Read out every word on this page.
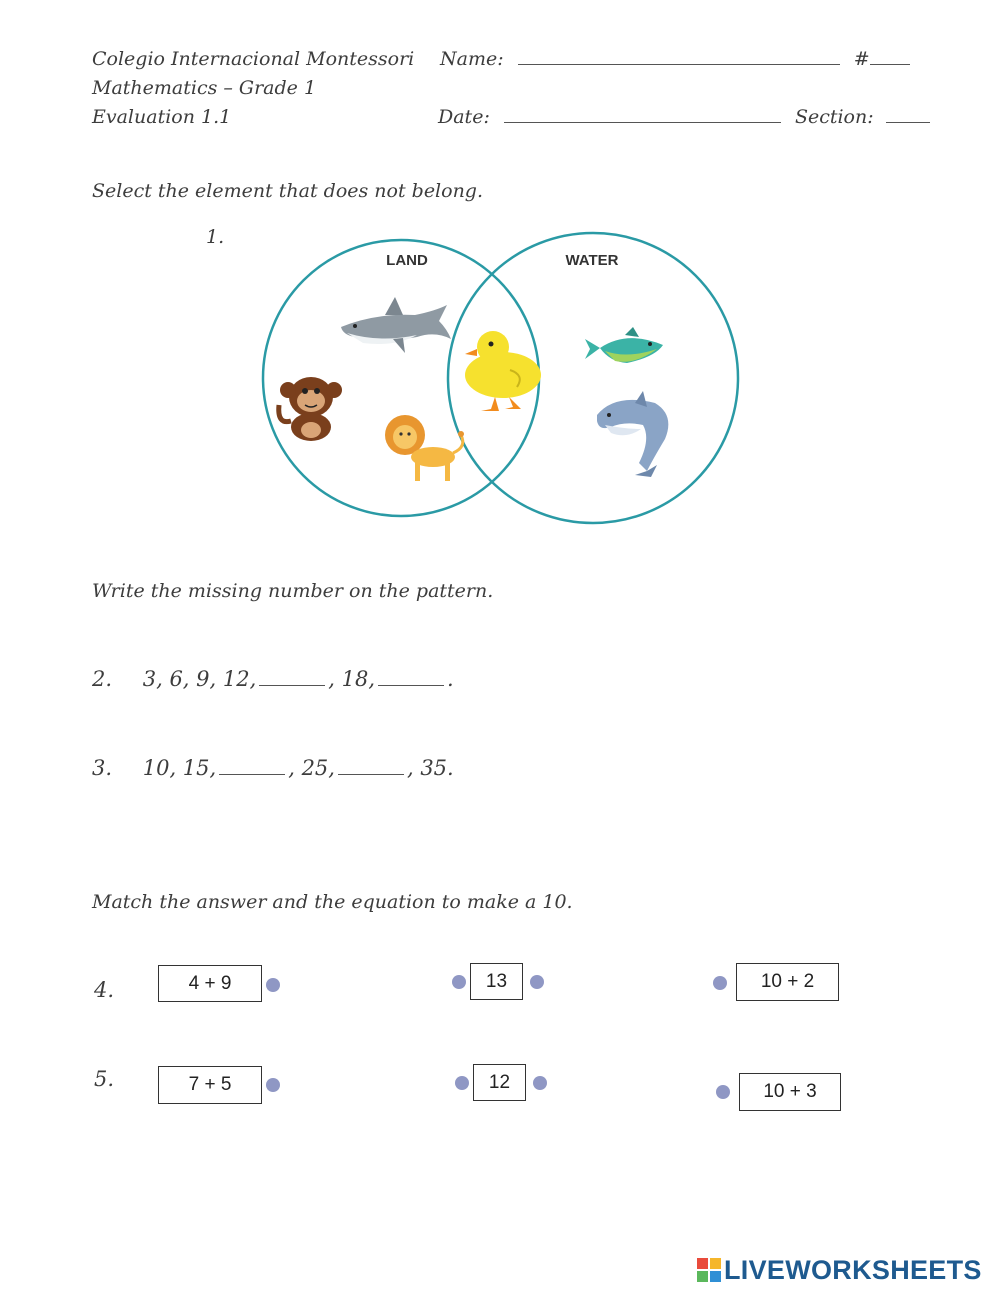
Colegio Internacional Montessori
Mathematics – Grade 1
Evaluation 1.1
Name:	#
Date:	Section:
Select the element that does not belong.
1.
LAND	WATER
Write the missing number on the pattern.
2. 3, 6, 9, 12,	, 18,	.
3. 10, 15,	, 25,	, 35.
Match the answer and the equation to make a 10.
4.	4 + 9	13	10 + 2
5.	7 + 5	12	10 + 3
LIVEWORKSHEETS
